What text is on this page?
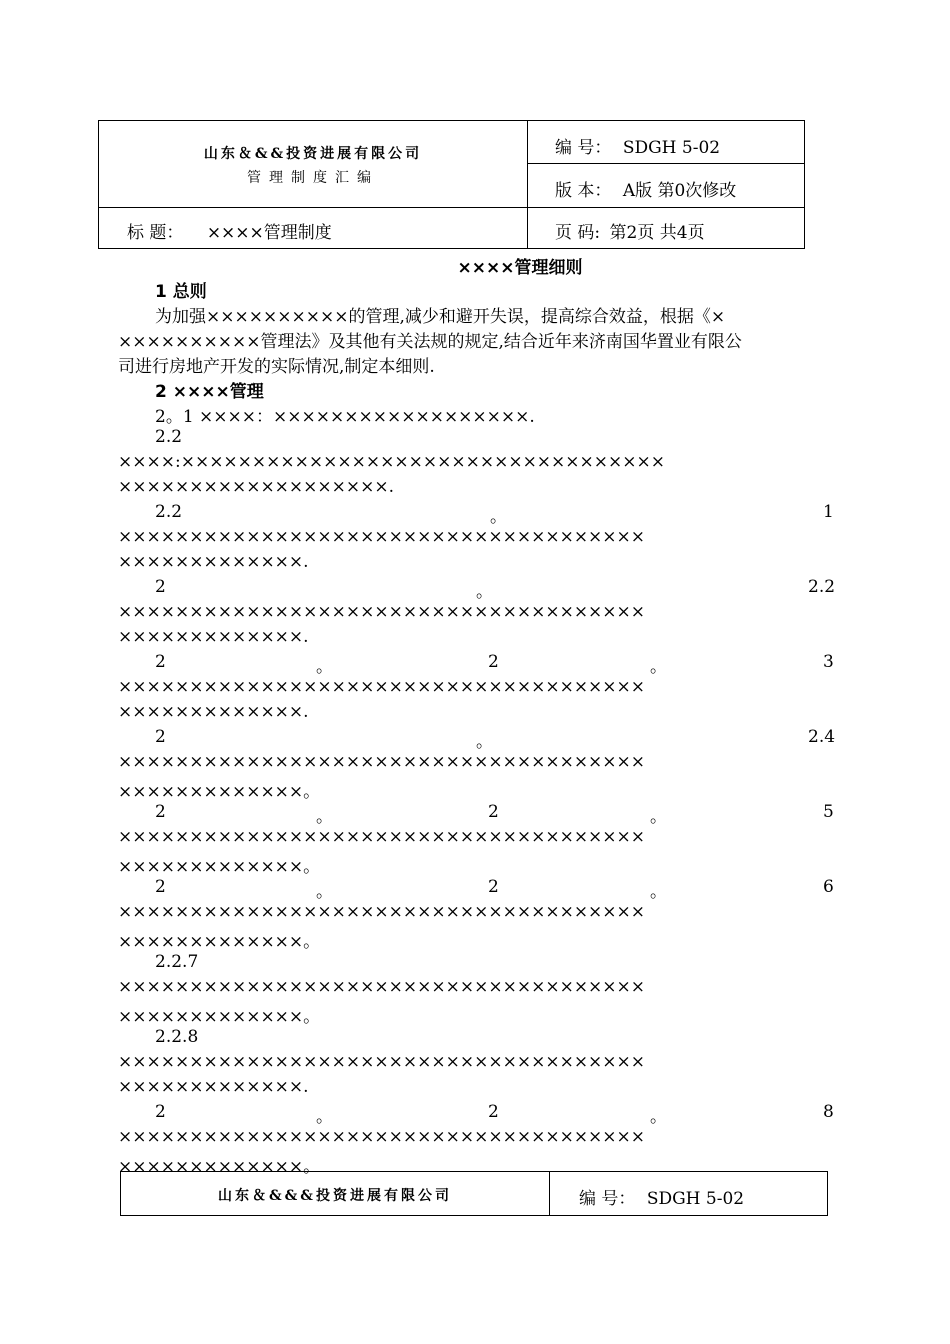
山东＆&&投资进展有限公司
管理制度汇编
编 号： SDGH 5-02
版 本： A版 第0次修改
标 题： ××××管理制度	页 码: 第2页 共4页
××××管理细则
1 总则
为加强××××××××××的管理,减少和避开失误，提高综合效益，根据《×
××××××××××管理法》及其他有关法规的规定,结合近年来济南国华置业有限公
司进行房地产开发的实际情况,制定本细则.
2 ××××管理
2。1 ××××：××××××××××××××××××.
2.2
××××:××××××××××××××××××××××××××××××××××
×××××××××××××××××××.
2.2	。	1
×××××××××××××××××××××××××××××××××××××
×××××××××××××.
2	。	2.2
×××××××××××××××××××××××××××××××××××××
×××××××××××××.
2	。	2	。	3
×××××××××××××××××××××××××××××××××××××
×××××××××××××.
2	。	2.4
×××××××××××××××××××××××××××××××××××××
×××××××××××××。
2	。	2	。	5
×××××××××××××××××××××××××××××××××××××
×××××××××××××。
2	。	2	。	6
×××××××××××××××××××××××××××××××××××××
×××××××××××××。
2.2.7
×××××××××××××××××××××××××××××××××××××
×××××××××××××。
2.2.8
×××××××××××××××××××××××××××××××××××××
×××××××××××××.
2	。	2	。	8
×××××××××××××××××××××××××××××××××××××
×××××××××××××。
山东＆&&&投资进展有限公司	编 号： SDGH 5-02
